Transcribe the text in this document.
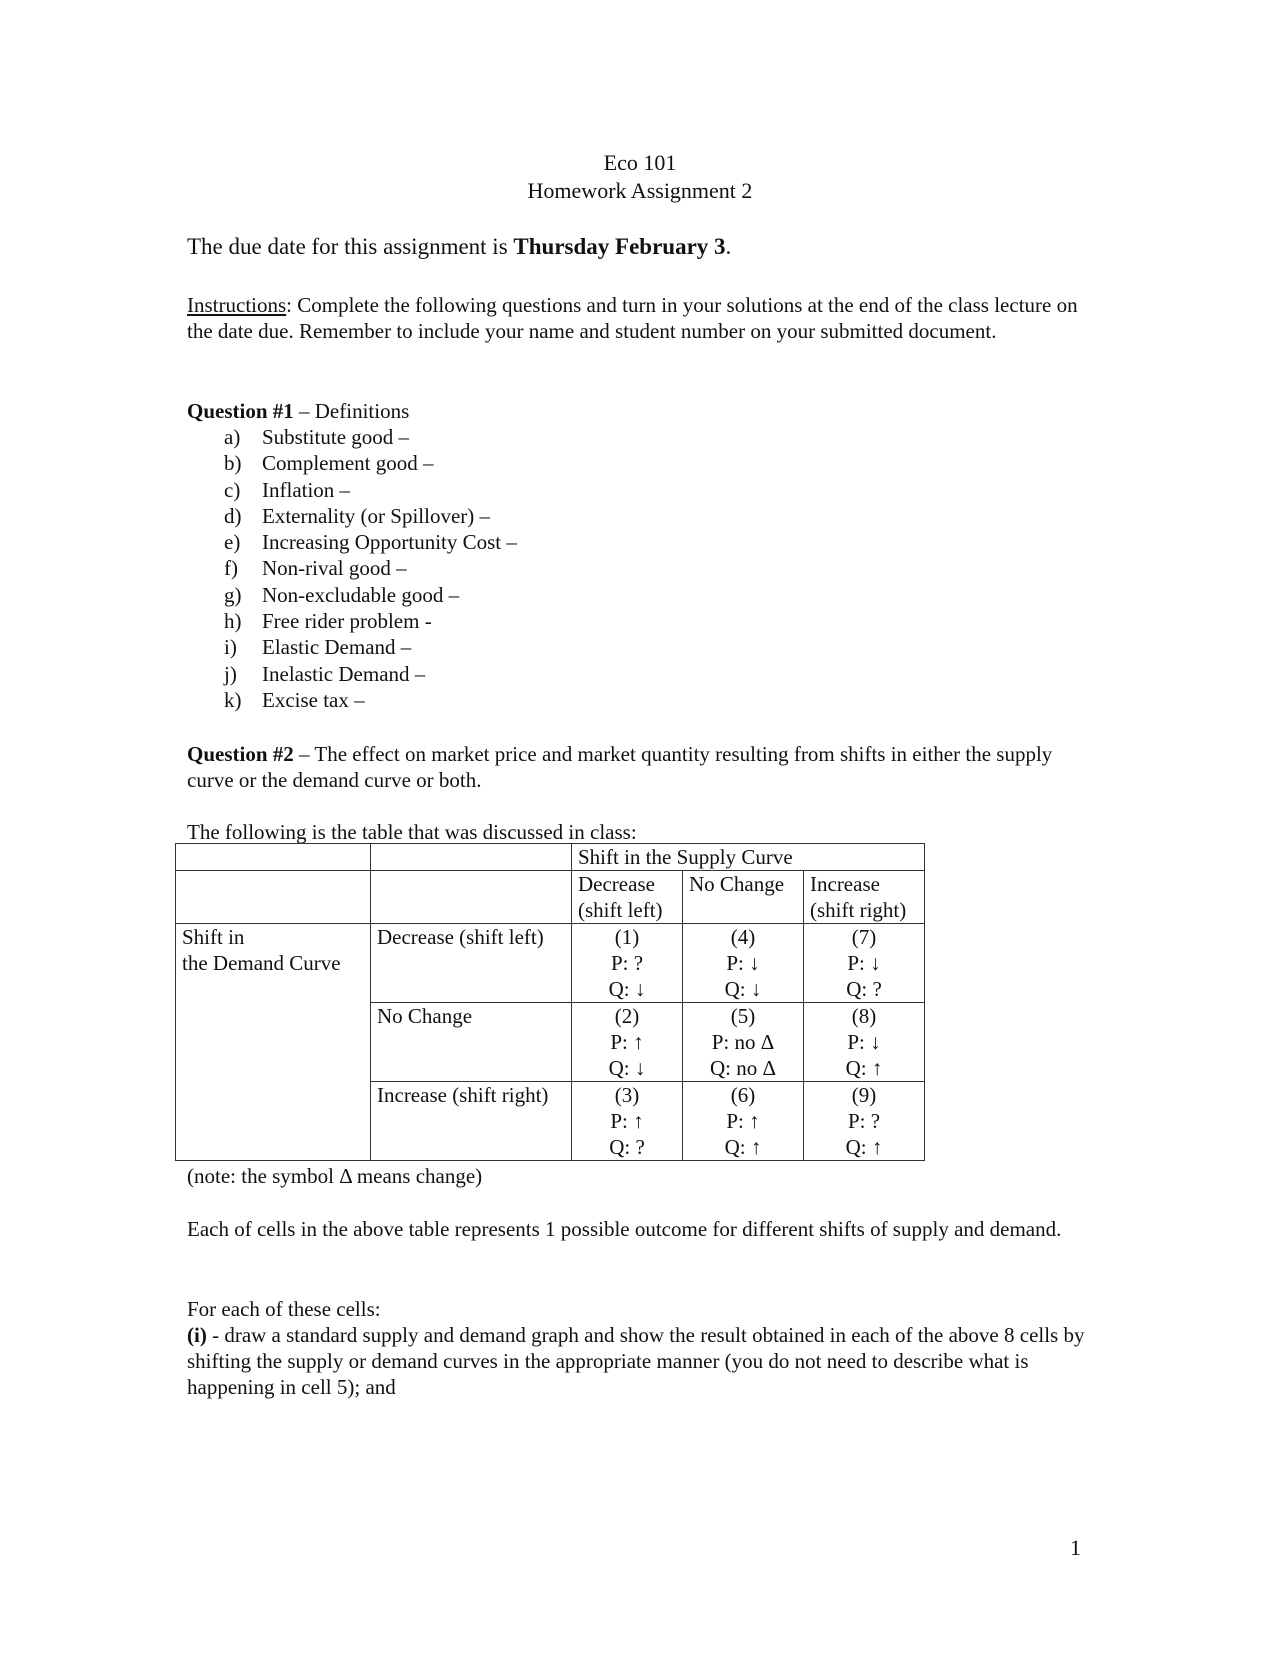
Eco 101
Homework Assignment 2
The due date for this assignment is Thursday February 3.
Instructions: Complete the following questions and turn in your solutions at the end of the class lecture on the date due. Remember to include your name and student number on your submitted document.
Question #1 – Definitions
a) Substitute good –
b) Complement good –
c) Inflation –
d) Externality (or Spillover) –
e) Increasing Opportunity Cost –
f) Non-rival good –
g) Non-excludable good –
h) Free rider problem -
i) Elastic Demand –
j) Inelastic Demand –
k) Excise tax –
Question #2 – The effect on market price and market quantity resulting from shifts in either the supply curve or the demand curve or both.
The following is the table that was discussed in class:
		Shift in the Supply Curve		
		Decrease (shift left)	No Change	Increase (shift right)
Shift in
the Demand Curve	Decrease (shift left)	(1)
P: ?
Q: ↓	(4)
P: ↓
Q: ↓	(7)
P: ↓
Q: ?
	No Change	(2)
P: ↑
Q: ↓	(5)
P: no Δ
Q: no Δ	(8)
P: ↓
Q: ↑
	Increase (shift right)	(3)
P: ↑
Q: ?	(6)
P: ↑
Q: ↑	(9)
P: ?
Q: ↑
(note: the symbol Δ means change)
Each of cells in the above table represents 1 possible outcome for different shifts of supply and demand.
For each of these cells:
(i) - draw a standard supply and demand graph and show the result obtained in each of the above 8 cells by shifting the supply or demand curves in the appropriate manner (you do not need to describe what is happening in cell 5); and
1
